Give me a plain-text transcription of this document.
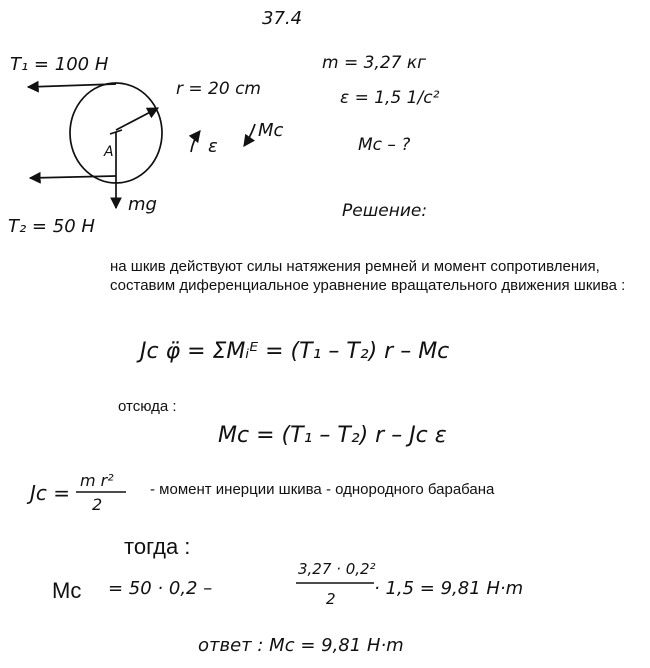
37.4
T₁ = 100 H
T₂ = 50 H
r = 20 cm
A
mg
ε
Mc
m = 3,27 кг
ε = 1,5 1/c²
Mc – ?
Решение:
Jᴄ φ̈ = ΣMᵢᴱ = (T₁ – T₂) r – Mc
Mc = (T₁ – T₂) r – Jᴄ ε
Jᴄ =
m r²
2
= 50 · 0,2 –
3,27 · 0,2²
2 · 1,5 = 9,81 H·m
ответ : Mc = 9,81 H·m

на шкив действуют силы натяжения ремней и момент сопротивления,

составим диференциальное уравнение вращательного движения шкива :

отсюда :

- момент инерции шкива - однородного барабана

тогда :

Mc
